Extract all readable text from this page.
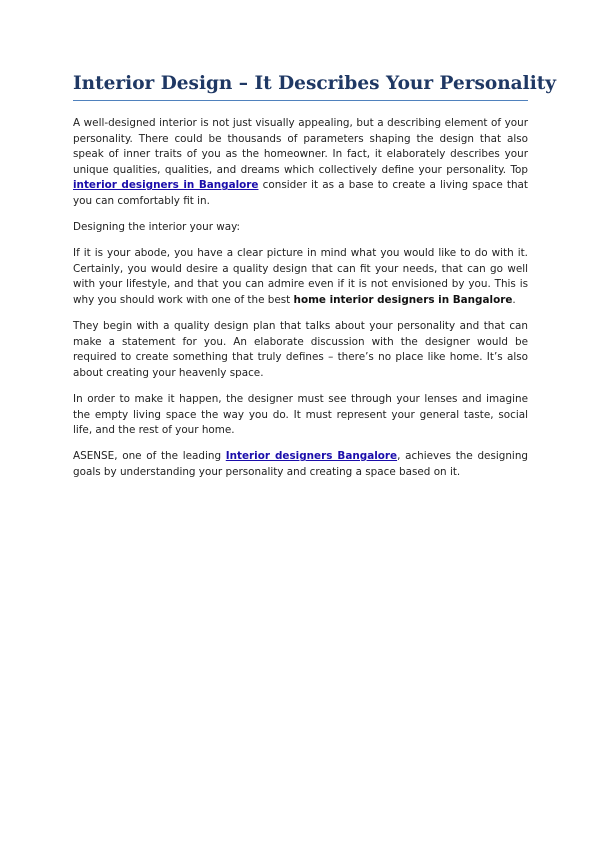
Interior Design – It Describes Your Personality

A well-designed interior is not just visually appealing, but a describing element of your personality. There could be thousands of parameters shaping the design that also speak of inner traits of you as the homeowner. In fact, it elaborately describes your unique qualities, qualities, and dreams which collectively define your personality. Top interior designers in Bangalore consider it as a base to create a living space that you can comfortably fit in.

Designing the interior your way:

If it is your abode, you have a clear picture in mind what you would like to do with it. Certainly, you would desire a quality design that can fit your needs, that can go well with your lifestyle, and that you can admire even if it is not envisioned by you. This is why you should work with one of the best home interior designers in Bangalore.

They begin with a quality design plan that talks about your personality and that can make a statement for you. An elaborate discussion with the designer would be required to create something that truly defines – there’s no place like home. It’s also about creating your heavenly space.

In order to make it happen, the designer must see through your lenses and imagine the empty living space the way you do. It must represent your general taste, social life, and the rest of your home.

ASENSE, one of the leading Interior designers Bangalore, achieves the designing goals by understanding your personality and creating a space based on it.
